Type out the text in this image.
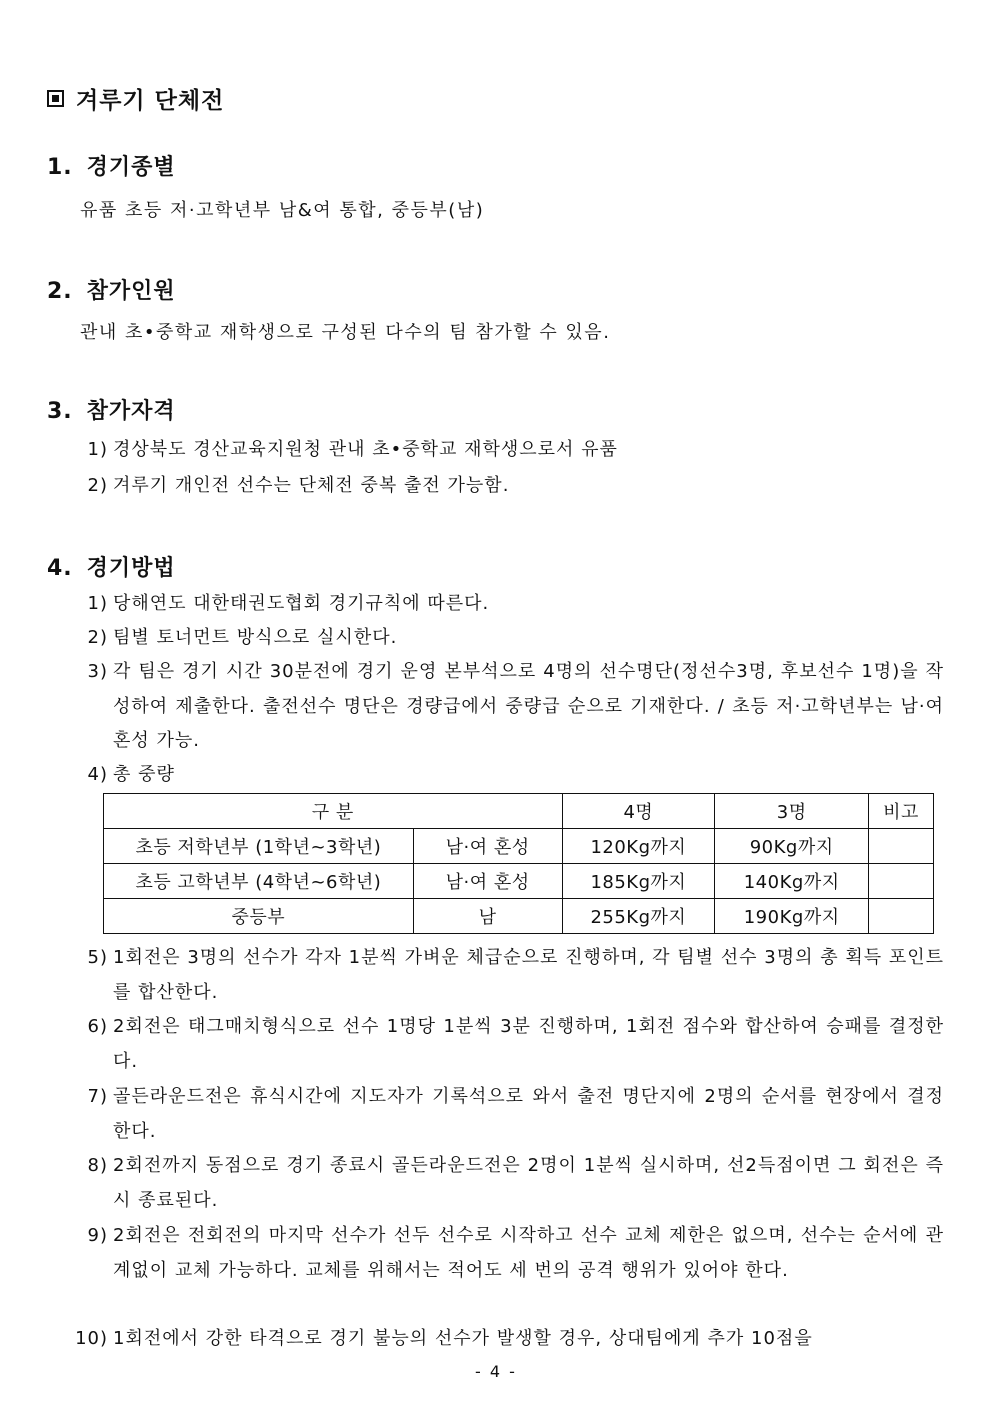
겨루기 단체전
1. 경기종별
유품 초등 저·고학년부 남&여 통합, 중등부(남)
2. 참가인원
관내 초•중학교 재학생으로 구성된 다수의 팀 참가할 수 있음.
3. 참가자격
1) 경상북도 경산교육지원청 관내 초•중학교 재학생으로서 유품
2) 겨루기 개인전 선수는 단체전 중복 출전 가능함.
4. 경기방법
1) 당해연도 대한태권도협회 경기규칙에 따른다.
2) 팀별 토너먼트 방식으로 실시한다.
3) 각 팀은 경기 시간 30분전에 경기 운영 본부석으로 4명의 선수명단(정선수3명, 후보선수 1명)을 작성하여 제출한다. 출전선수 명단은 경량급에서 중량급 순으로 기재한다. / 초등 저·고학년부는 남·여 혼성 가능.
4) 총 중량
구 분		4명	3명	비고
초등 저학년부 (1학년~3학년)	남·여 혼성	120Kg까지	90Kg까지	
초등 고학년부 (4학년~6학년)	남·여 혼성	185Kg까지	140Kg까지	
중등부	남	255Kg까지	190Kg까지	
5) 1회전은 3명의 선수가 각자 1분씩 가벼운 체급순으로 진행하며, 각 팀별 선수 3명의 총 획득 포인트를 합산한다.
6) 2회전은 태그매치형식으로 선수 1명당 1분씩 3분 진행하며, 1회전 점수와 합산하여 승패를 결정한다.
7) 골든라운드전은 휴식시간에 지도자가 기록석으로 와서 출전 명단지에 2명의 순서를 현장에서 결정한다.
8) 2회전까지 동점으로 경기 종료시 골든라운드전은 2명이 1분씩 실시하며, 선2득점이면 그 회전은 즉시 종료된다.
9) 2회전은 전회전의 마지막 선수가 선두 선수로 시작하고 선수 교체 제한은 없으며, 선수는 순서에 관계없이 교체 가능하다. 교체를 위해서는 적어도 세 번의 공격 행위가 있어야 한다.
10) 1회전에서 강한 타격으로 경기 불능의 선수가 발생할 경우, 상대팀에게 추가 10점을
- 4 -
